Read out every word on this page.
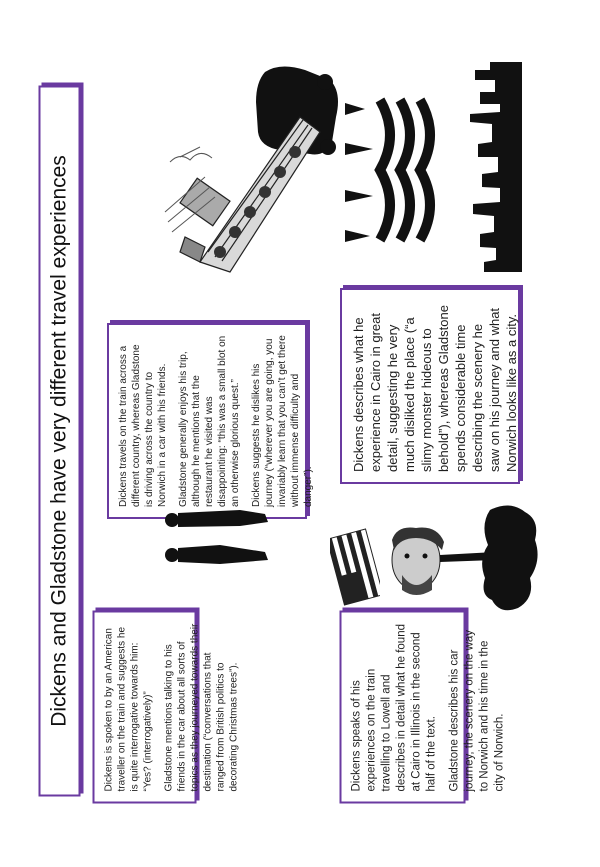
Dickens and Gladstone have very different travel experiences	Dickens is spoken to by an American traveller on the train and suggests he is quite interrogative towards him: “Yes? (interrogatively)” Gladstone mentions talking to his friends in the car about all sorts of topics as they journeyed towards their destination (“conversations that ranged from British politics to decorating Christmas trees”).

Dickens travels on the train across a different country, whereas Gladstone is driving across the country to Norwich in a car with his friends. Gladstone generally enjoys his trip, although he mentions that the restaurant he visited was disappointing: “this was a small blot on an otherwise glorious quest.” Dickens suggests he dislikes his journey (“wherever you are going, you invariably learn that you can’t get there without immense difficulty and danger”).

Dickens speaks of his experiences on the train travelling to Lowell and describes in detail what he found at Cairo in Illinois in the second half of the text. Gladstone describes his car journey, the scenery on the way to Norwich and his time in the city of Norwich.

Dickens describes what he experience in Cairo in great detail, suggesting he very much disliked the place (“a slimy monster hideous to behold”), whereas Gladstone spends considerable time describing the scenery he saw on his journey and what Norwich looks like as a city.
